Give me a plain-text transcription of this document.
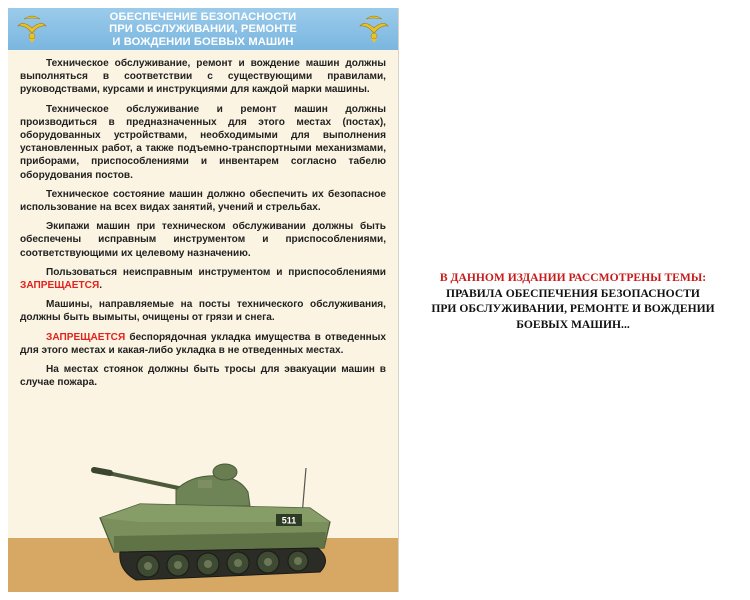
ОБЕСПЕЧЕНИЕ БЕЗОПАСНОСТИ
ПРИ ОБСЛУЖИВАНИИ, РЕМОНТЕ
И ВОЖДЕНИИ БОЕВЫХ МАШИН

Техническое обслуживание, ремонт и вождение машин должны выполняться в соответствии с существующими правилами, руководствами, курсами и инструкциями для каждой марки машины.

Техническое обслуживание и ремонт машин должны производиться в предназначенных для этого местах (постах), оборудованных устройствами, необходимыми для выполнения установленных работ, а также подъемно-транспортными механизмами, приборами, приспособлениями и инвентарем согласно табелю оборудования постов.

Техническое состояние машин должно обеспечить их безопасное использование на всех видах занятий, учений и стрельбах.

Экипажи машин при техническом обслуживании должны быть обеспечены исправным инструментом и приспособлениями, соответствующими их целевому назначению.

Пользоваться неисправным инструментом и приспособлениями ЗАПРЕЩАЕТСЯ.

Машины, направляемые на посты технического обслуживания, должны быть вымыты, очищены от грязи и снега.

ЗАПРЕЩАЕТСЯ беспорядочная укладка имущества в отведенных для этого местах и какая-либо укладка в не отведенных местах.

На местах стоянок должны быть тросы для эвакуации машин в случае пожара.

511
В ДАННОМ ИЗДАНИИ РАССМОТРЕНЫ ТЕМЫ:
ПРАВИЛА ОБЕСПЕЧЕНИЯ БЕЗОПАСНОСТИ
ПРИ ОБСЛУЖИВАНИИ, РЕМОНТЕ И ВОЖДЕНИИ
БОЕВЫХ МАШИН...
